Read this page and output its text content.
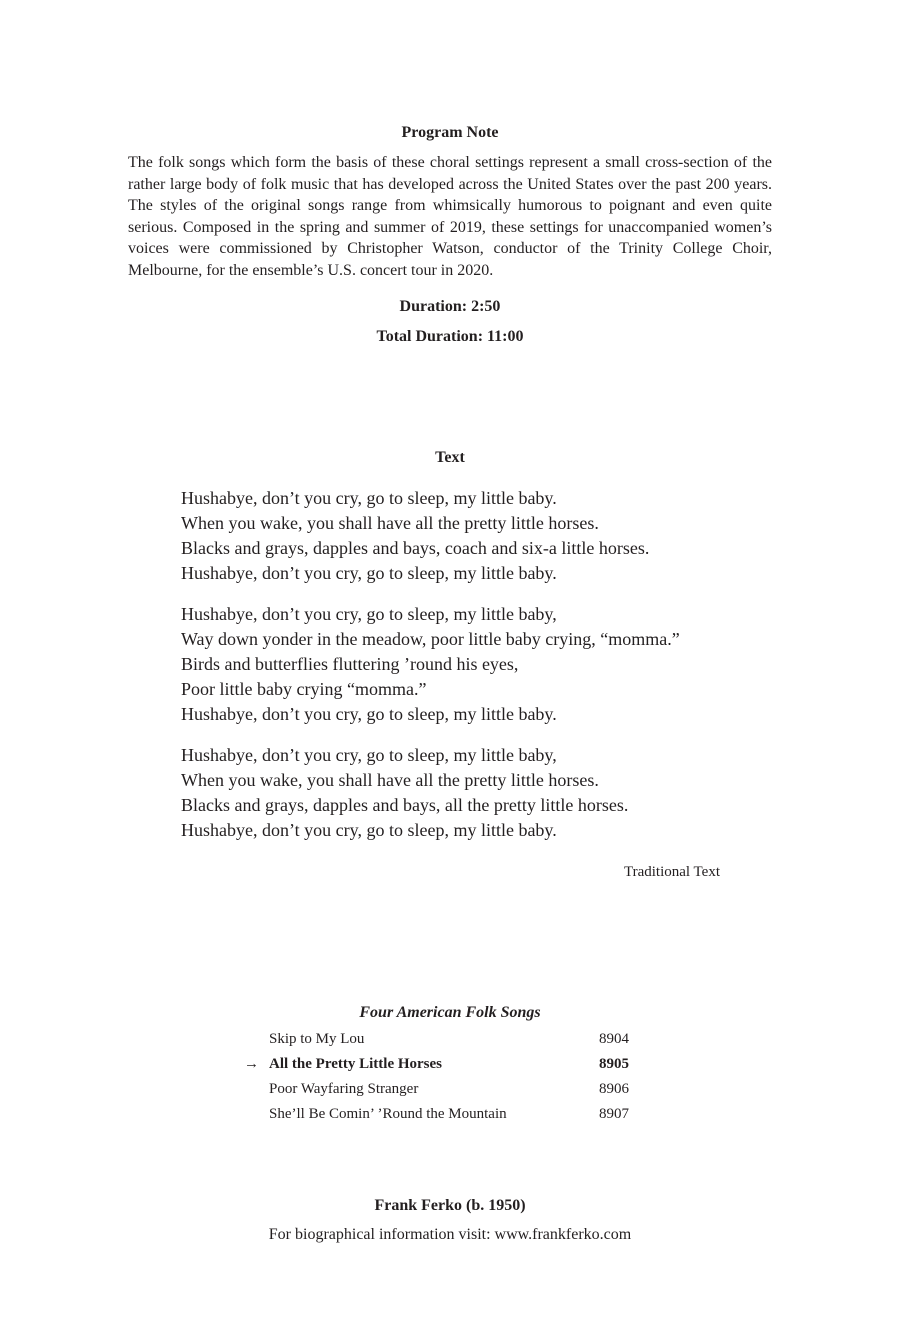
Program Note
The folk songs which form the basis of these choral settings represent a small cross-section of the rather large body of folk music that has developed across the United States over the past 200 years. The styles of the original songs range from whimsically humorous to poignant and even quite serious. Composed in the spring and summer of 2019, these settings for unaccompanied women’s voices were commissioned by Christopher Watson, conductor of the Trinity College Choir, Melbourne, for the ensemble’s U.S. concert tour in 2020.
Duration: 2:50
Total Duration: 11:00
Text
Hushabye, don’t you cry, go to sleep, my little baby.
When you wake, you shall have all the pretty little horses.
Blacks and grays, dapples and bays, coach and six-a little horses.
Hushabye, don’t you cry, go to sleep, my little baby.
Hushabye, don’t you cry, go to sleep, my little baby,
Way down yonder in the meadow, poor little baby crying, “momma.”
Birds and butterflies fluttering ’round his eyes,
Poor little baby crying “momma.”
Hushabye, don’t you cry, go to sleep, my little baby.
Hushabye, don’t you cry, go to sleep, my little baby,
When you wake, you shall have all the pretty little horses.
Blacks and grays, dapples and bays, all the pretty little horses.
Hushabye, don’t you cry, go to sleep, my little baby.
Traditional Text
Four American Folk Songs
Skip to My Lou	8904
→ All the Pretty Little Horses	8905
Poor Wayfaring Stranger	8906
She’ll Be Comin’ ’Round the Mountain	8907
Frank Ferko (b. 1950)
For biographical information visit: www.frankferko.com
